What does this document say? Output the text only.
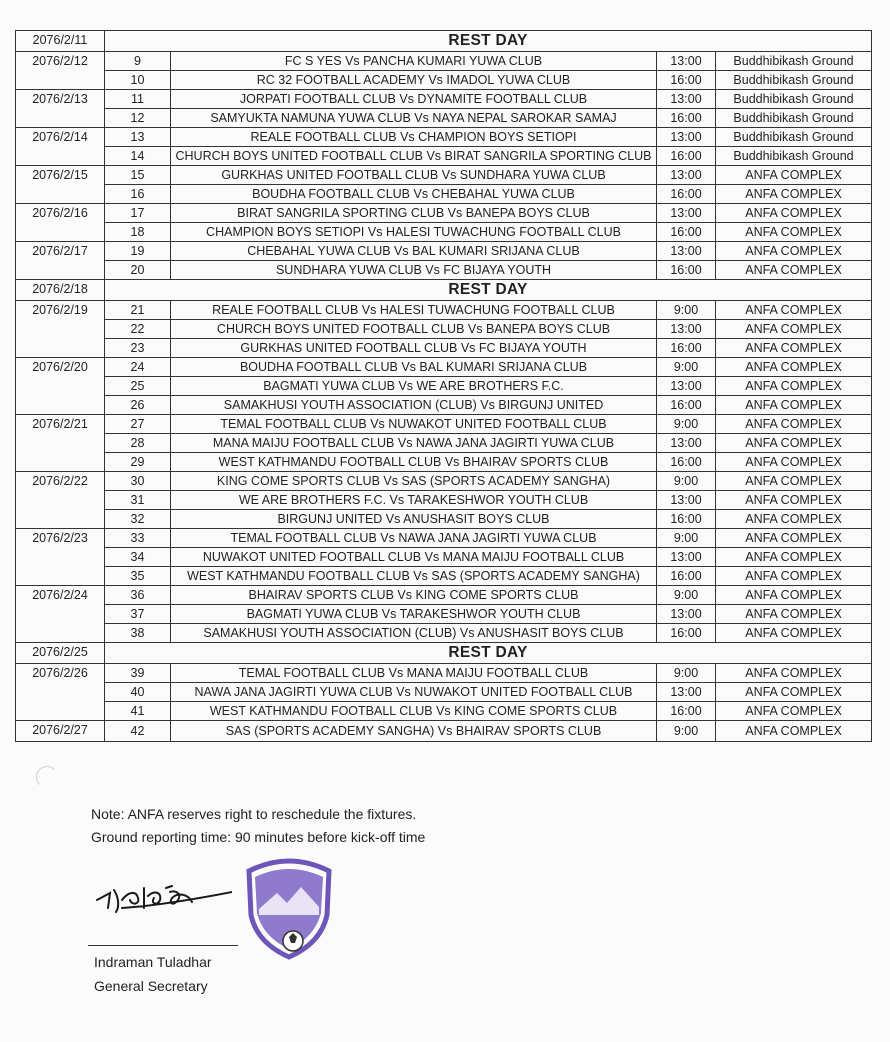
2076/2/11	REST DAY			
2076/2/12	9	FC S YES Vs PANCHA KUMARI YUWA CLUB	13:00	Buddhibikash Ground
	10	RC 32 FOOTBALL ACADEMY Vs IMADOL YUWA CLUB	16:00	Buddhibikash Ground
2076/2/13	11	JORPATI FOOTBALL CLUB Vs DYNAMITE FOOTBALL CLUB	13:00	Buddhibikash Ground
	12	SAMYUKTA NAMUNA YUWA CLUB Vs NAYA NEPAL SAROKAR SAMAJ	16:00	Buddhibikash Ground
2076/2/14	13	REALE FOOTBALL CLUB Vs CHAMPION BOYS SETIOPI	13:00	Buddhibikash Ground
	14	CHURCH BOYS UNITED FOOTBALL CLUB Vs BIRAT SANGRILA SPORTING CLUB	16:00	Buddhibikash Ground
2076/2/15	15	GURKHAS UNITED FOOTBALL CLUB Vs SUNDHARA YUWA CLUB	13:00	ANFA COMPLEX
	16	BOUDHA FOOTBALL CLUB Vs CHEBAHAL YUWA CLUB	16:00	ANFA COMPLEX
2076/2/16	17	BIRAT SANGRILA SPORTING CLUB Vs BANEPA BOYS CLUB	13:00	ANFA COMPLEX
	18	CHAMPION BOYS SETIOPI Vs HALESI TUWACHUNG FOOTBALL CLUB	16:00	ANFA COMPLEX
2076/2/17	19	CHEBAHAL YUWA CLUB Vs BAL KUMARI SRIJANA CLUB	13:00	ANFA COMPLEX
	20	SUNDHARA YUWA CLUB Vs FC BIJAYA YOUTH	16:00	ANFA COMPLEX
2076/2/18	REST DAY			
2076/2/19	21	REALE FOOTBALL CLUB Vs HALESI TUWACHUNG FOOTBALL CLUB	9:00	ANFA COMPLEX
	22	CHURCH BOYS UNITED FOOTBALL CLUB Vs BANEPA BOYS CLUB	13:00	ANFA COMPLEX
	23	GURKHAS UNITED FOOTBALL CLUB Vs FC BIJAYA YOUTH	16:00	ANFA COMPLEX
2076/2/20	24	BOUDHA FOOTBALL CLUB Vs BAL KUMARI SRIJANA CLUB	9:00	ANFA COMPLEX
	25	BAGMATI YUWA CLUB Vs WE ARE BROTHERS F.C.	13:00	ANFA COMPLEX
	26	SAMAKHUSI YOUTH ASSOCIATION (CLUB) Vs BIRGUNJ UNITED	16:00	ANFA COMPLEX
2076/2/21	27	TEMAL FOOTBALL CLUB Vs NUWAKOT UNITED FOOTBALL CLUB	9:00	ANFA COMPLEX
	28	MANA MAIJU FOOTBALL CLUB Vs NAWA JANA JAGIRTI YUWA CLUB	13:00	ANFA COMPLEX
	29	WEST KATHMANDU FOOTBALL CLUB Vs BHAIRAV SPORTS CLUB	16:00	ANFA COMPLEX
2076/2/22	30	KING COME SPORTS CLUB Vs SAS (SPORTS ACADEMY SANGHA)	9:00	ANFA COMPLEX
	31	WE ARE BROTHERS F.C. Vs TARAKESHWOR YOUTH CLUB	13:00	ANFA COMPLEX
	32	BIRGUNJ UNITED Vs ANUSHASIT BOYS CLUB	16:00	ANFA COMPLEX
2076/2/23	33	TEMAL FOOTBALL CLUB Vs NAWA JANA JAGIRTI YUWA CLUB	9:00	ANFA COMPLEX
	34	NUWAKOT UNITED FOOTBALL CLUB Vs MANA MAIJU FOOTBALL CLUB	13:00	ANFA COMPLEX
	35	WEST KATHMANDU FOOTBALL CLUB Vs SAS (SPORTS ACADEMY SANGHA)	16:00	ANFA COMPLEX
2076/2/24	36	BHAIRAV SPORTS CLUB Vs KING COME SPORTS CLUB	9:00	ANFA COMPLEX
	37	BAGMATI YUWA CLUB Vs TARAKESHWOR YOUTH CLUB	13:00	ANFA COMPLEX
	38	SAMAKHUSI YOUTH ASSOCIATION (CLUB) Vs ANUSHASIT BOYS CLUB	16:00	ANFA COMPLEX
2076/2/25	REST DAY			
2076/2/26	39	TEMAL FOOTBALL CLUB Vs MANA MAIJU FOOTBALL CLUB	9:00	ANFA COMPLEX
	40	NAWA JANA JAGIRTI YUWA CLUB Vs NUWAKOT UNITED FOOTBALL CLUB	13:00	ANFA COMPLEX
	41	WEST KATHMANDU FOOTBALL CLUB Vs KING COME SPORTS CLUB	16:00	ANFA COMPLEX
2076/2/27	42	SAS (SPORTS ACADEMY SANGHA) Vs BHAIRAV SPORTS CLUB	9:00	ANFA COMPLEX
Note: ANFA reserves right to reschedule the fixtures.
Ground reporting time: 90 minutes before kick-off time
Indraman Tuladhar
General Secretary
